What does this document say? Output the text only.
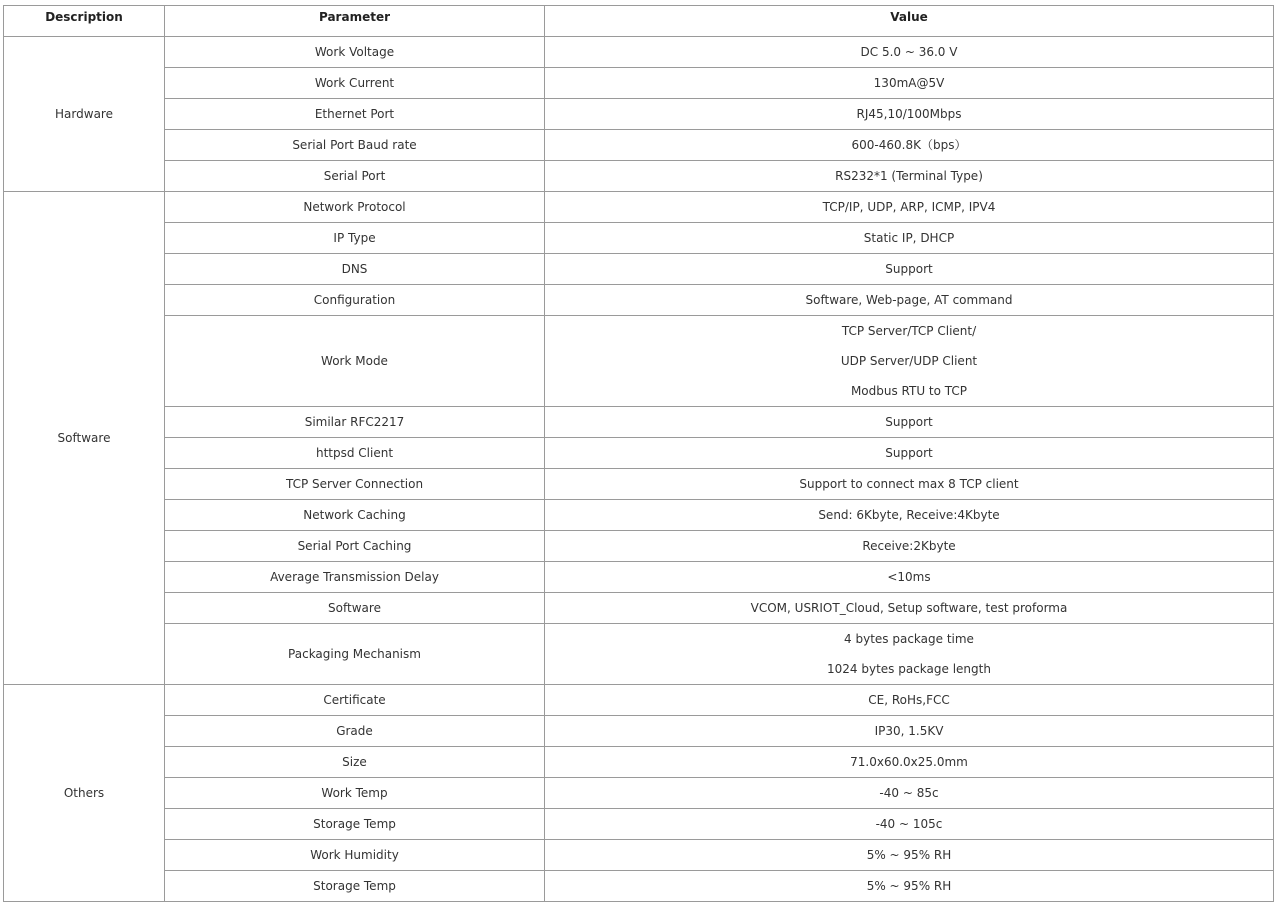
Description	Parameter	Value
Hardware	Work Voltage	DC 5.0 ~ 36.0 V
	Work Current	130mA@5V
	Ethernet Port	RJ45,10/100Mbps
	Serial Port Baud rate	600-460.8K（bps）
	Serial Port	RS232*1 (Terminal Type)
Software	Network Protocol	TCP/IP, UDP, ARP, ICMP, IPV4
	IP Type	Static IP, DHCP
	DNS	Support
	Configuration	Software, Web-page, AT command
	Work Mode	TCP Server/TCP Client/
UDP Server/UDP Client
Modbus RTU to TCP

	Similar RFC2217	Support
	httpsd Client	Support
	TCP Server Connection	Support to connect max 8 TCP client
	Network Caching	Send: 6Kbyte, Receive:4Kbyte
	Serial Port Caching	Receive:2Kbyte
	Average Transmission Delay	<10ms
	Software	VCOM, USRIOT_Cloud, Setup software, test proforma
	Packaging Mechanism	4 bytes package time
1024 bytes package length

Others	Certificate	CE, RoHs,FCC
	Grade	IP30, 1.5KV
	Size	71.0x60.0x25.0mm
	Work Temp	-40 ~ 85c
	Storage Temp	-40 ~ 105c
	Work Humidity	5% ~ 95% RH
	Storage Temp	5% ~ 95% RH
